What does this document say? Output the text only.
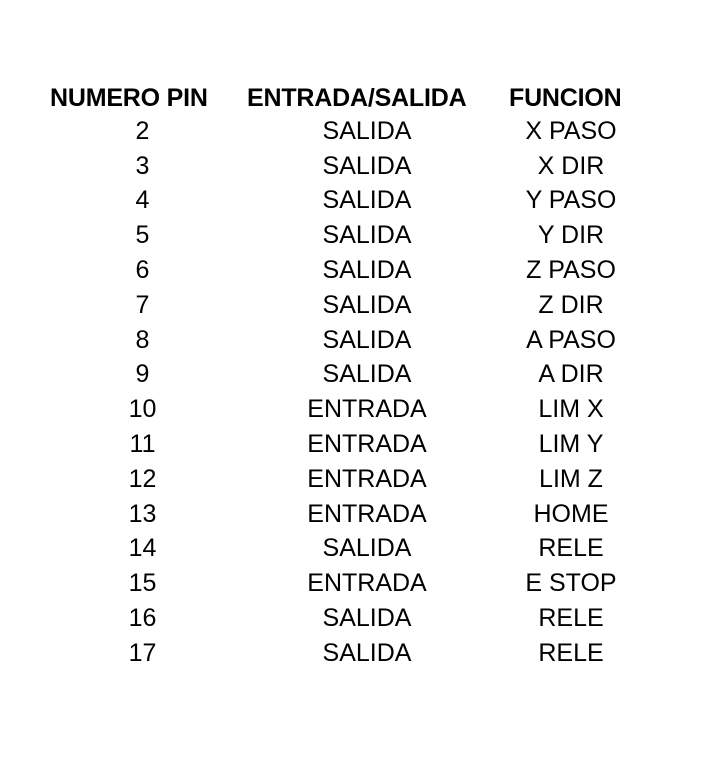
NUMERO PIN	ENTRADA/SALIDA	FUNCION
2	SALIDA	X PASO
3	SALIDA	X DIR
4	SALIDA	Y PASO
5	SALIDA	Y DIR
6	SALIDA	Z PASO
7	SALIDA	Z DIR
8	SALIDA	A PASO
9	SALIDA	A DIR
10	ENTRADA	LIM X
11	ENTRADA	LIM Y
12	ENTRADA	LIM Z
13	ENTRADA	HOME
14	SALIDA	RELE
15	ENTRADA	E STOP
16	SALIDA	RELE
17	SALIDA	RELE
